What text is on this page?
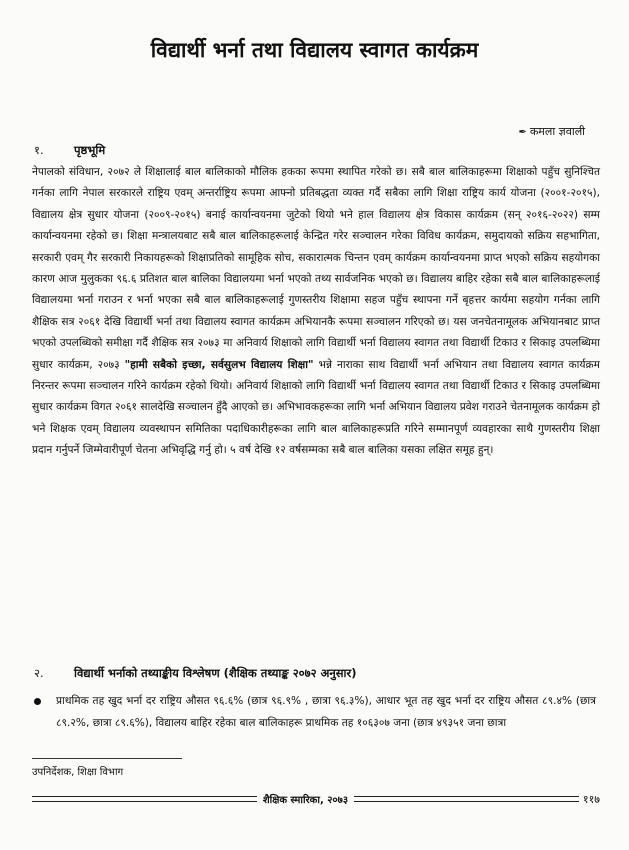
विद्यार्थी भर्ना तथा विद्यालय स्वागत कार्यक्रम
✒ कमला ज्ञवाली
१.	पृष्ठभूमि

नेपालको संविधान, २०७२ ले शिक्षालाई बाल बालिकाको मौलिक हकका रूपमा स्थापित गरेको छ। सबै बाल बालिकाहरूमा शिक्षाको पहुँच सुनिश्चित गर्नका लागि नेपाल सरकारले राष्ट्रिय एवम् अन्तर्राष्ट्रिय रूपमा आफ्नो प्रतिबद्धता व्यक्त गर्दै सबैका लागि शिक्षा राष्ट्रिय कार्य योजना (२००१-२०१५), विद्यालय क्षेत्र सुधार योजना (२००९-२०१५) बनाई कार्यान्वयनमा जुटेको थियो भने हाल विद्यालय क्षेत्र विकास कार्यक्रम (सन् २०१६-२०२२) सम्म कार्यान्वयनमा रहेको छ। शिक्षा मन्त्रालयबाट सबै बाल बालिकाहरूलाई केन्द्रित गरेर सञ्चालन गरेका विविध कार्यक्रम, समुदायको सक्रिय सहभागिता, सरकारी एवम् गैर सरकारी निकायहरूको शिक्षाप्रतिको सामूहिक सोच, सकारात्मक चिन्तन एवम् कार्यक्रम कार्यान्वयनमा प्राप्त भएको सक्रिय सहयोगका कारण आज मुलुकका ९६.६ प्रतिशत बाल बालिका विद्यालयमा भर्ना भएको तथ्य सार्वजनिक भएको छ। विद्यालय बाहिर रहेका सबै बाल बालिकाहरूलाई विद्यालयमा भर्ना गराउन र भर्ना भएका सबै बाल बालिकाहरूलाई गुणस्तरीय शिक्षामा सहज पहुँच स्थापना गर्ने बृहत्तर कार्यमा सहयोग गर्नका लागि शैक्षिक सत्र २०६१ देखि विद्यार्थी भर्ना तथा विद्यालय स्वागत कार्यक्रम अभियानकै रूपमा सञ्चालन गरिएको छ। यस जनचेतनामूलक अभियानबाट प्राप्त भएको उपलब्धिको समीक्षा गर्दै शैक्षिक सत्र २०७३ मा अनिवार्य शिक्षाको लागि विद्यार्थी भर्ना विद्यालय स्वागत तथा विद्यार्थी टिकाउ र सिकाइ उपलब्धिमा सुधार कार्यक्रम, २०७३ "हामी सबैको इच्छा, सर्वसुलभ विद्यालय शिक्षा" भन्ने नाराका साथ विद्यार्थी भर्ना अभियान तथा विद्यालय स्वागत कार्यक्रम निरन्तर रूपमा सञ्चालन गरिने कार्यक्रम रहेको थियो। अनिवार्य शिक्षाको लागि विद्यार्थी भर्ना विद्यालय स्वागत तथा विद्यार्थी टिकाउ र सिकाइ उपलब्धिमा सुधार कार्यक्रम विगत २०६१ सालदेखि सञ्चालन हुँदै आएको छ। अभिभावकहरूका लागि भर्ना अभियान विद्यालय प्रवेश गराउने चेतनामूलक कार्यक्रम हो भने शिक्षक एवम् विद्यालय व्यवस्थापन समितिका पदाधिकारीहरूका लागि बाल बालिकाहरूप्रति गरिने सम्मानपूर्ण व्यवहारका साथै गुणस्तरीय शिक्षा प्रदान गर्नुपर्ने जिम्मेवारीपूर्ण चेतना अभिवृद्धि गर्नु हो। ५ वर्ष देखि १२ वर्षसम्मका सबै बाल बालिका यसका लक्षित समूह हुन्।

२.	विद्यार्थी भर्नाको तथ्याङ्कीय विश्लेषण (शैक्षिक तथ्याङ्क २०७२ अनुसार)
प्राथमिक तह खुद भर्ना दर राष्ट्रिय औसत ९६.६% (छात्र ९६.९% , छात्रा ९६.३%), आधार भूत तह खुद भर्ना दर राष्ट्रिय औसत ८९.४% (छात्र ८९.२%, छात्रा ८९.६%), विद्यालय बाहिर रहेका बाल बालिकाहरू प्राथमिक तह १०६३०७ जना (छात्र ४९३५१ जना छात्रा
उपनिर्देशक, शिक्षा विभाग
शैक्षिक स्मारिका, २०७३	११७
